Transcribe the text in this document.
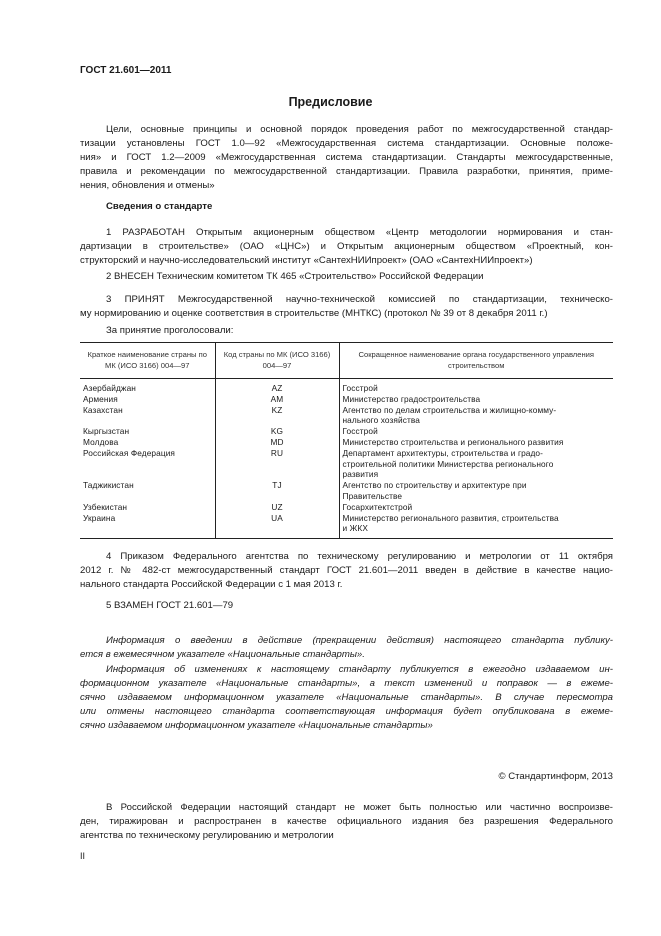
ГОСТ 21.601—2011
Предисловие
Цели, основные принципы и основной порядок проведения работ по межгосударственной стандар-
тизации установлены ГОСТ 1.0—92 «Межгосударственная система стандартизации. Основные положе-
ния» и ГОСТ 1.2—2009 «Межгосударственная система стандартизации. Стандарты межгосударственные,
правила и рекомендации по межгосударственной стандартизации. Правила разработки, принятия, приме-
нения, обновления и отмены»
Сведения о стандарте
1 РАЗРАБОТАН Открытым акционерным обществом «Центр методологии нормирования и стан-
дартизации в строительстве» (ОАО «ЦНС») и Открытым акционерным обществом «Проектный, кон-
структорский и научно-исследовательский институт «СантехНИИпроект» (ОАО «СантехНИИпроект»)
2 ВНЕСЕН Техническим комитетом ТК 465 «Строительство» Российской Федерации
3 ПРИНЯТ Межгосударственной научно-технической комиссией по стандартизации, техническо-
му нормированию и оценке соответствия в строительстве (МНТКС) (протокол № 39 от 8 декабря 2011 г.)
За принятие проголосовали:
Краткое наименование страны по МК (ИСО 3166) 004—97	Код страны по МК (ИСО 3166) 004—97	Сокращенное наименование органа государственного управления строительством
Азербайджан	AZ	Госстрой
Армения	AM	Министерство градостроительства
Казахстан	KZ	Агентство по делам строительства и жилищно-комму-
нального хозяйства
Кыргызстан	KG	Госстрой
Молдова	MD	Министерство строительства и регионального развития
Российская Федерация	RU	Департамент архитектуры, строительства и градо-
строительной политики Министерства регионального
развития
Таджикистан	TJ	Агентство по строительству и архитектуре при
Правительстве
Узбекистан	UZ	Госархитектстрой
Украина	UA	Министерство регионального развития, строительства
и ЖКХ
4 Приказом Федерального агентства по техническому регулированию и метрологии от 11 октября
2012 г. № 482-ст межгосударственный стандарт ГОСТ 21.601—2011 введен в действие в качестве нацио-
нального стандарта Российской Федерации с 1 мая 2013 г.
5 ВЗАМЕН ГОСТ 21.601—79
Информация о введении в действие (прекращении действия) настоящего стандарта публику-
ется в ежемесячном указателе «Национальные стандарты».
Информация об изменениях к настоящему стандарту публикуется в ежегодно издаваемом ин-
формационном указателе «Национальные стандарты», а текст изменений и поправок — в ежеме-
сячно издаваемом информационном указателе «Национальные стандарты». В случае пересмотра
или отмены настоящего стандарта соответствующая информация будет опубликована в ежеме-
сячно издаваемом информационном указателе «Национальные стандарты»
© Стандартинформ, 2013
В Российской Федерации настоящий стандарт не может быть полностью или частично воспроизве-
ден, тиражирован и распространен в качестве официального издания без разрешения Федерального
агентства по техническому регулированию и метрологии
II
